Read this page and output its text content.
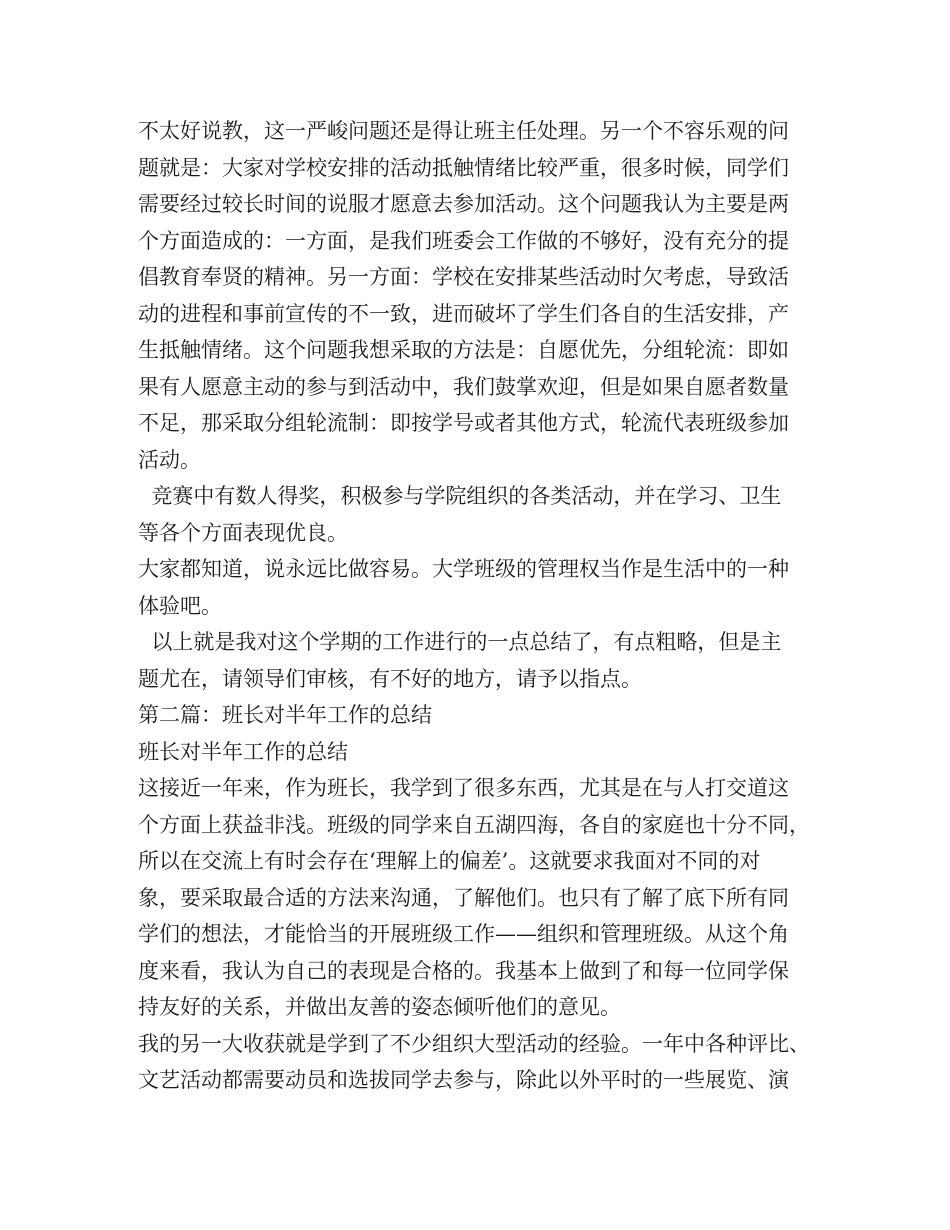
不太好说教，这一严峻问题还是得让班主任处理。另一个不容乐观的问
题就是：大家对学校安排的活动抵触情绪比较严重，很多时候，同学们
需要经过较长时间的说服才愿意去参加活动。这个问题我认为主要是两
个方面造成的：一方面，是我们班委会工作做的不够好，没有充分的提
倡教育奉贤的精神。另一方面：学校在安排某些活动时欠考虑，导致活
动的进程和事前宣传的不一致，进而破坏了学生们各自的生活安排，产
生抵触情绪。这个问题我想采取的方法是：自愿优先，分组轮流：即如
果有人愿意主动的参与到活动中，我们鼓掌欢迎，但是如果自愿者数量
不足，那采取分组轮流制：即按学号或者其他方式，轮流代表班级参加
活动。
竞赛中有数人得奖，积极参与学院组织的各类活动，并在学习、卫生
等各个方面表现优良。
大家都知道，说永远比做容易。大学班级的管理权当作是生活中的一种
体验吧。
以上就是我对这个学期的工作进行的一点总结了，有点粗略，但是主
题尤在，请领导们审核，有不好的地方，请予以指点。
第二篇：班长对半年工作的总结
班长对半年工作的总结
这接近一年来，作为班长，我学到了很多东西，尤其是在与人打交道这
个方面上获益非浅。班级的同学来自五湖四海，各自的家庭也十分不同，
所以在交流上有时会存在‘理解上的偏差’。这就要求我面对不同的对
象，要采取最合适的方法来沟通，了解他们。也只有了解了底下所有同
学们的想法，才能恰当的开展班级工作——组织和管理班级。从这个角
度来看，我认为自己的表现是合格的。我基本上做到了和每一位同学保
持友好的关系，并做出友善的姿态倾听他们的意见。
我的另一大收获就是学到了不少组织大型活动的经验。一年中各种评比、
文艺活动都需要动员和选拔同学去参与，除此以外平时的一些展览、演
